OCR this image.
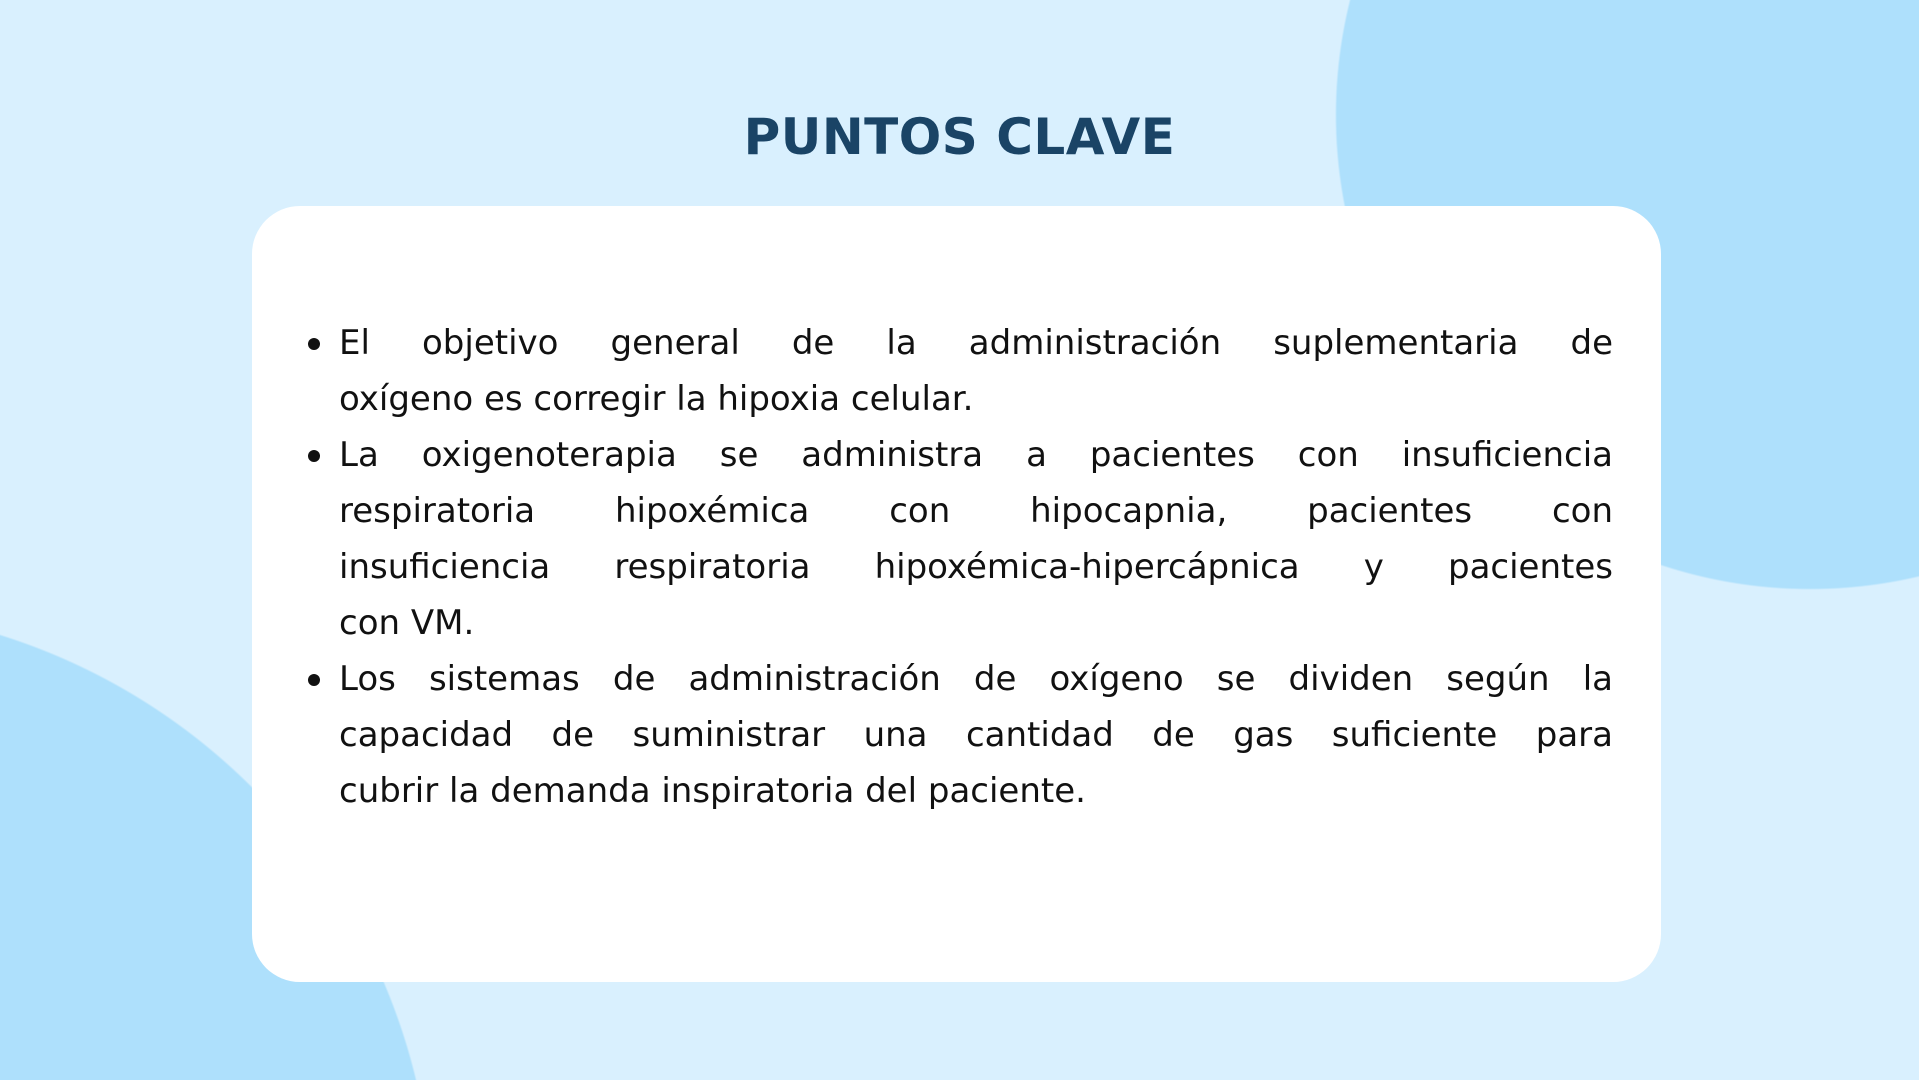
PUNTOS CLAVE
El objetivo general de la administración suplementaria de
oxígeno es corregir la hipoxia celular.
La oxigenoterapia se administra a pacientes con insuficiencia
respiratoria hipoxémica con hipocapnia, pacientes con
insuficiencia respiratoria hipoxémica-hipercápnica y pacientes
con VM.
Los sistemas de administración de oxígeno se dividen según la
capacidad de suministrar una cantidad de gas suficiente para
cubrir la demanda inspiratoria del paciente.
